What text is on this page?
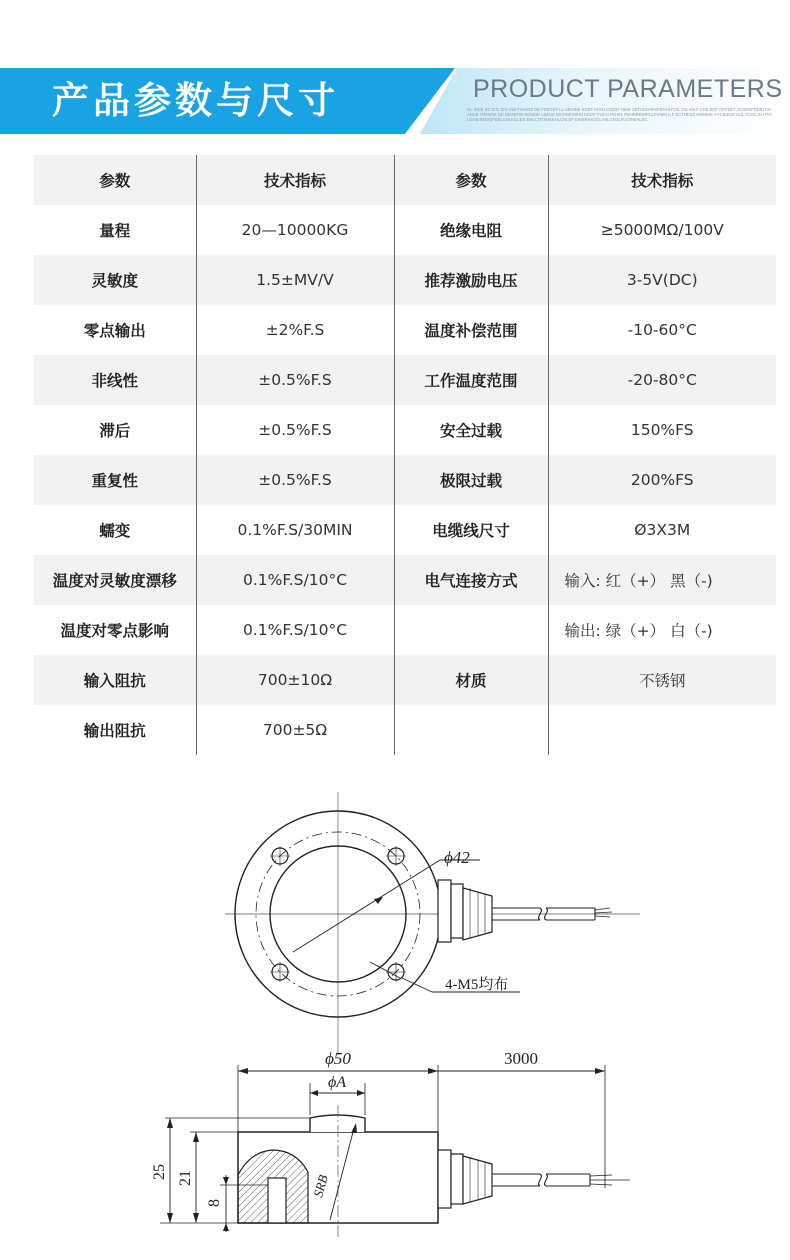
产品参数与尺寸	PRODUCT PARAMETERS
OL INDE EG DTL IEG INE FGHINE DE FEEGEF LL SEHINE EGEF HIGN LGEDF HIKE SETUIGHIFSFEOHI FOIL OIL IMLF COILEDF OFFSET JCGENPDERI CHANCE ITEINGE DE SEGEFIN IEGEDE LSEUE DICFNICWHN EDOF FUCH FKHIN ITEHEBEDRICLFVIMN ILF ECTHESE KWNEIK KYCIEEDF EUL FCIGLIN HTOLGHEIEEDIEFEELCNLKILLEN ENLCNTSHEKHLCNLEF ERIERIHCIGLH4LCKOLFUOINEALEC
参数	技术指标	参数	技术指标
量程	20—10000KG	绝缘电阻	≥5000MΩ/100V
灵敏度	1.5±MV/V	推荐激励电压	3-5V(DC)
零点输出	±2%F.S	温度补偿范围	-10-60°C
非线性	±0.5%F.S	工作温度范围	-20-80°C
滞后	±0.5%F.S	安全过载	150%FS
重复性	±0.5%F.S	极限过载	200%FS
蠕变	0.1%F.S/30MIN	电缆线尺寸	Ø3X3M
温度对灵敏度漂移	0.1%F.S/10°C	电气连接方式	输入: 红（+） 黑（-)
温度对零点影响	0.1%F.S/10°C		输出: 绿（+） 白（-)
输入阻抗	700±10Ω	材质	不锈钢
输出阻抗	700±5Ω		
ϕ42
4-M5均布
SRB
25 21
8
ϕ50
ϕA
3000
